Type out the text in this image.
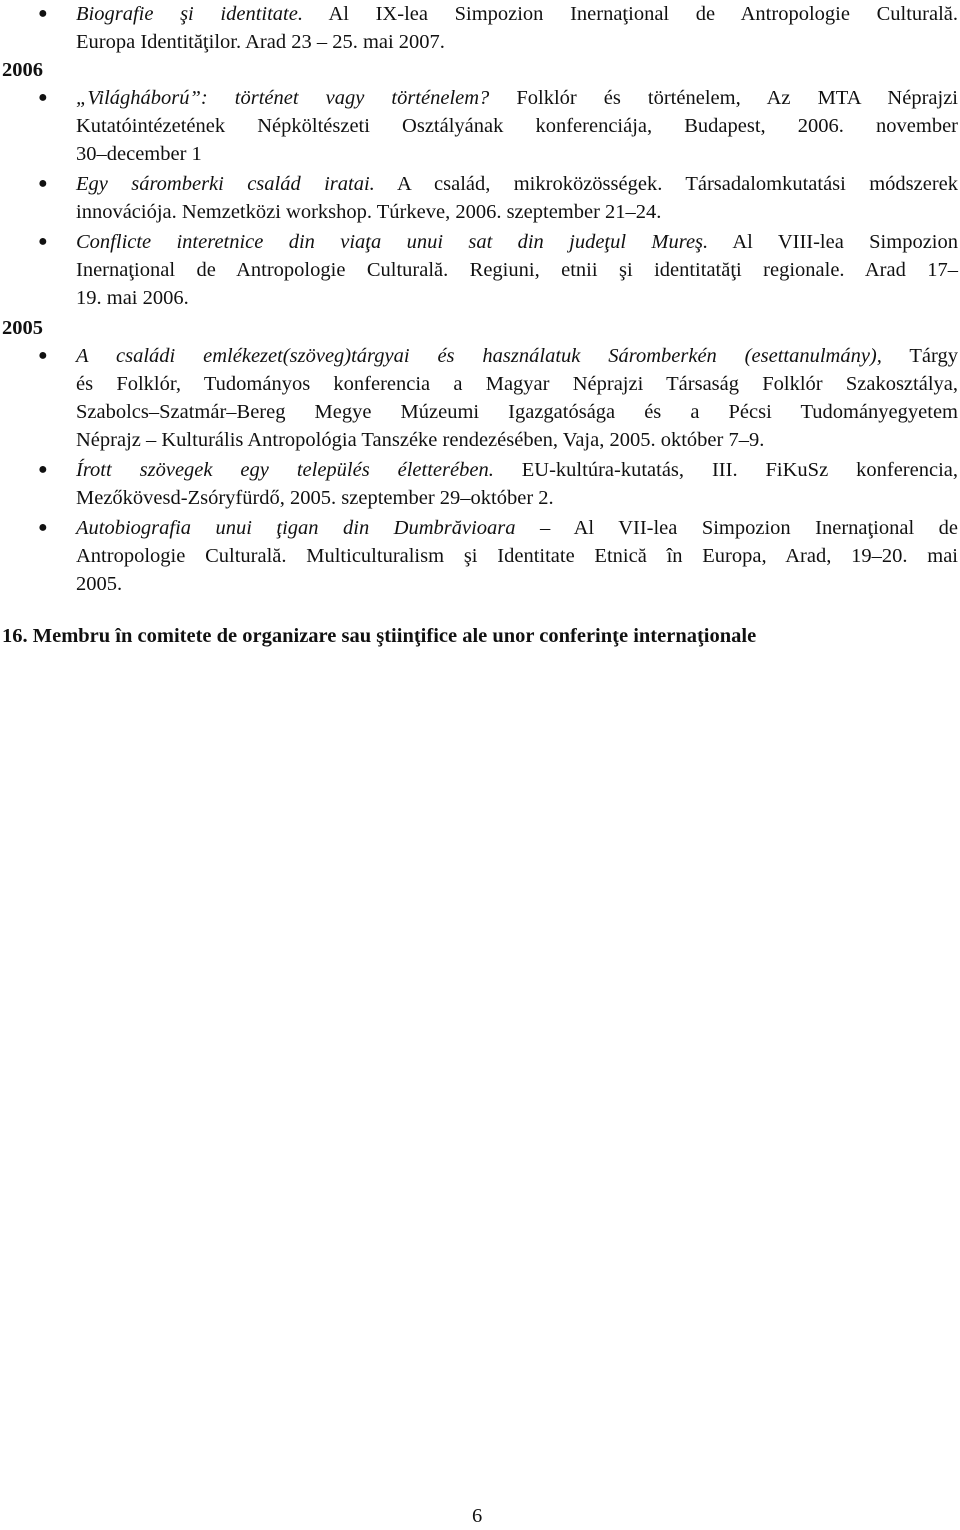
● Biografie şi identitate. Al IX-lea Simpozion Inernaţional de Antropologie Culturală.
Europa Identităţilor. Arad 23 – 25. mai 2007.
2006
● „Világháború”: történet vagy történelem? Folklór és történelem, Az MTA Néprajzi
Kutatóintézetének Népköltészeti Osztályának konferenciája, Budapest, 2006. november
30–december 1
● Egy sáromberki család iratai. A család, mikroközösségek. Társadalomkutatási módszerek
innovációja. Nemzetközi workshop. Túrkeve, 2006. szeptember 21–24.
● Conflicte interetnice din viaţa unui sat din judeţul Mureş. Al VIII-lea Simpozion
Inernaţional de Antropologie Culturală. Regiuni, etnii şi identitatăţi regionale. Arad 17–
19. mai 2006.
2005
● A családi emlékezet(szöveg)tárgyai és használatuk Sáromberkén (esettanulmány), Tárgy
és Folklór, Tudományos konferencia a Magyar Néprajzi Társaság Folklór Szakosztálya,
Szabolcs–Szatmár–Bereg Megye Múzeumi Igazgatósága és a Pécsi Tudományegyetem
Néprajz – Kulturális Antropológia Tanszéke rendezésében, Vaja, 2005. október 7–9.
● Írott szövegek egy település életterében. EU-kultúra-kutatás, III. FiKuSz konferencia,
Mezőkövesd-Zsóryfürdő, 2005. szeptember 29–október 2.
● Autobiografia unui ţigan din Dumbrăvioara – Al VII-lea Simpozion Inernaţional de
Antropologie Culturală. Multiculturalism şi Identitate Etnică în Europa, Arad, 19–20. mai
2005.
16. Membru în comitete de organizare sau ştiinţifice ale unor conferinţe internaţionale
6
